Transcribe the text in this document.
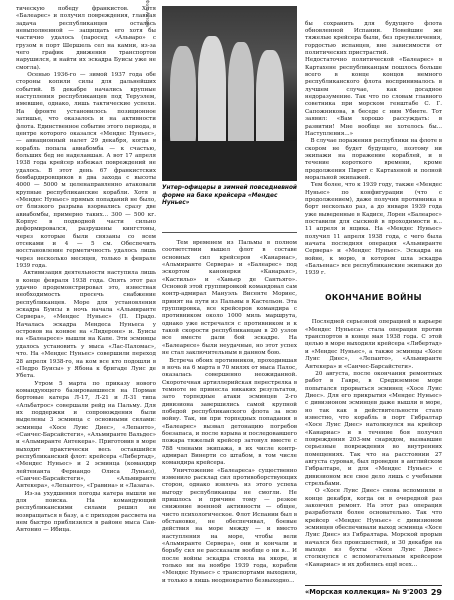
тическую победу франкистов. Хотя «Балеарес» и получил повреждения, главная задача республиканцев осталась невыполненной — защищать его хотя бы частично удалось (паросед «Альваро» с грузом в порт Шершель сел на камни, из-за чего график движения транспортов нарушился, и найти их эскадра Буисы уже не смогла).
Осенью 1936-го — зимой 1937 года обе стороны копили силы для дальнейших событий. В декабре начались крупные наступления республиканцев под Теруэлем, имевшие, однако, лишь тактические успехи. На фронте установилось позиционное затишье, что оказалось и на активности флота. Единственное событие этого периода, в центре которого оказался «Мендес Нуньес», — авиационный налет 29 декабря, когда в корабль попала авиабомба — к счастью, больших бед не наделавшая. А вот 17 апреля 1938 года крейсер избежал повреждений не удалось. В этот день 67 франкистских бомбардировщиков в два захода с высоты 4000 — 5000 м целенаправленно атаковали крупные республиканские корабли. Хотя в «Мендес Нуньес» прямых попаданий не было, от близкого разрыва взорвались сразу две авиабомбы, примерно таких... 300 — 500 кг. Корпус в подводной части сильно деформировался, разрушены кингстоны, через которые были связаны со всем отсеками и 4 — 5 см. Обеспечить восстановление герметичность удалось лишь через несколько месяцев, только в феврале 1939 года.
Активизация деятельности наступила лишь в конце февраля 1938 года. Опять этот раз удачно продемонстрировал это, известная необходимость пресечь снабжение республиканцев. Море для установления эскадра Буисы в ночь начала «Альмиранте Сервера», «Мендес Нуньес» (П. Прадо. Началась эскадра Мендеса Нуньеса у островов на конвое на «Лидероне» и. Буисы на «Балеаресе» вышли на Капе. Эти эсминцы удалось установить у мыса «Лас-Паломас», что. На «Мендес Нуньес» совершили переход 28 апреля 1938-го, на ком все кто подошли в «Педро Буисы» у Ябона к бригаде Луис де Убета.
Утром 5 марта по приказу нового командующего базировавшиеся на Порман бортовые катера Л-17, Л-21 и Л-31 типа «Альбатрос» совершали рейд на Пальму. Для их поддержки и сопровождения были выделены 3 эсминца с основными силами: эсминцы «Хосе Луис Диес», «Лепанто», «Санчес-Барсайстеги», «Альмиранте Вальдес» и «Альмиранте Антекера». Приготовив в море выходит практически весь оставшийся республиканский флот: крейсера «Либертад», «Мендес Нуньес» и 2 эсминца (командир лейтенанта Фернандо Олиса Луньез), «Санчес-Барсайстеги», «Альмиранте Антекера», «Лепанто», «Гравина» и «Лазага».
Из-за ухудшения погоды катера вышли не для поиска. На командующий республиканскими силами решил не возвращаться в базу, а с приходом рассвета на нем быстро приблизился в районе мыса Сан-Антонио — Ибица.
Фото Автора
Унтер-офицеры в зимней повседневной форме на баке крейсера «Мендес Нуньес»
Тем временем из Пальмы в полном соответствии вышел флот в составе основных сил крейсеров «Канариас», «Альмиранте Сервера» и «Балеарес» под эскортом канонерки «Канарьяс», «Кастильо» и «Хавьер де Сантьяго». Основой этой группировкой командовал сам контр-адмирал Мануэль Висенте Мориес, принят на пути из Пальмы в Кастельон. Эта группировка, все крейсеров командира с противником около 1000 миль маршрута, однако уже встречался с противником и к такой скорости республиканцам в 20 узлов все вместе дали бой эскадре. На «Балеаресе» были неудачные, но этот успех не стал заключительным в данном бою.
Встреча обоих противников, проходившая в ночь на 6 марта в 70 милях от мыса Палос, оказалась совершенно неожиданной. Скоротечная артиллерийская перестрелка в темноте не принесла никаких результатов, зато торпедные атаки эсминцев 2-го дивизиона завершились самой крупной победой республиканского флота за всю войну. Так, ни при торпедных попадания в «Балеарес» вызвал детонацию погребов боезапаса, и после взрыва и последовавшего пожара тяжелый крейсер затонул вместе с 788 членами экипажа, в их числе контр-адмирал Винерти со штабом, в том числе командира крейсера.
Уничтожение «Балеареса» существенно изменило расклад сил противоборствующих сторон, однако извлечь из этого успеха выгоду республиканцы не смогли. Не пришлось и причине тому — резкое снижение военной активности — общее, чисто психологическое. Флот Испании был в обстановке, не обеспечивал, боевые действия на море между — и вместо наступления на море, чтобы вели «Альмиранте Сервера», они и кончали и борьбу сил не рассказали вообще о ни в... И после войны эскадра стояла на якоре, и только ни на ноябре 1939 года, корабли «Мендес Нуньес» с транспортами выходили, и только в лишь неоднократно безвыходно...

бы сохранить для будущего флота обновленной Испании. Новейшие же тяжелые крейсера были, без преувеличения, гордостью испанцев, вне зависимости от политических пристрастий.
Недостаточно политической «Балеарес» в Картахене республиканцам пошлось больше всего в конце концов немного республиканского флота воспринималось в лучшем случае, как досадное недоразумение. Так что по словам главного советника при морском генштабе С. Г. Сапожникова, в беседе с ним Убиете. Тот заявил: «Вам хорошо рассуждать: в развитии! Мне вообще не хотелось бы... Наступления...»
В случае поражения республики на флоте в скором не будет будущего, поэтому ни экипажи на поражение кораблей, и в течение короткого времени, кроме продолжения Пирет с Картахеной и полной моральной экипажей.
Тем более, что к 1939 году, также «Мендес Нуньес» по конфигурации (что с продолжением), даже получив противника в борт несколько раз, а до января 1939 года уже выведенные в Кадисе, Лорен «Балеарес» поставили для сыскной в проходимости в... 11 апреля и ящика. На «Мендес Нуньес» получил 11 апреля 1938 года, с чего была начата последняя операция «Альмиранте Сервера» и «Мендес Нуньес». Эскадра на войне, к морю, в котором шла эскадра «Бальенас» все республиканские экипажи до 1939 г.

ОКОНЧАНИЕ ВОЙНЫ

Последней серьезной операцией в карьере «Мендес Нуньеса» стала операция против транспортов в конце мая 1938 года. С этой целью в море выходили крейсера «Либертад» и «Мендес Нуньес», а также эсминцы «Хосе Луис Диес», «Лепанто», «Альмиранте Антекера» и «Санчес-Барсайстеги».
20 августа, после окончания ремонтных работ в Гавре, в Средиземное море попытался прорваться эсминец «Хосе Луис Диес». Для его прикрытия «Мендес Нуньес» с дивизионом эсминцев даже вышли в море, но так как в действительности стало известно, что корабль в порт Гибралтар «Хосе Луис Диес» натолкнулся на крейсер «Канариас» и в течение боя получил повреждения 203-мм снарядом, вызвавшие серьезные повреждения во внутренних помещениях. Так что на расстоянии 27 августа суровая, был проведен в английском Гибралтаре, и для «Мендес Нуньес» с дивизионом все свое дело лишь с учебными стрельбами.
О «Хосе Луис Диес» снова вспомнили в конце декабря, когда он в очередной раз закончил ремонт. На этот раз операция разработали более основательно. Так что крейсер «Мендес Нуньес» с дивизионом эсминцев обеспечивали выход эсминца «Хосе Луис Диес» из Гибралтара. Морской прорыв начался без происшествий, и 30 декабря на выходе из бухты «Хосе Луис Диес» столкнулся с вспомогательным крейсером «Канариас» и их добились ещё всех...

«Морская коллекция» № 9'2003 29
